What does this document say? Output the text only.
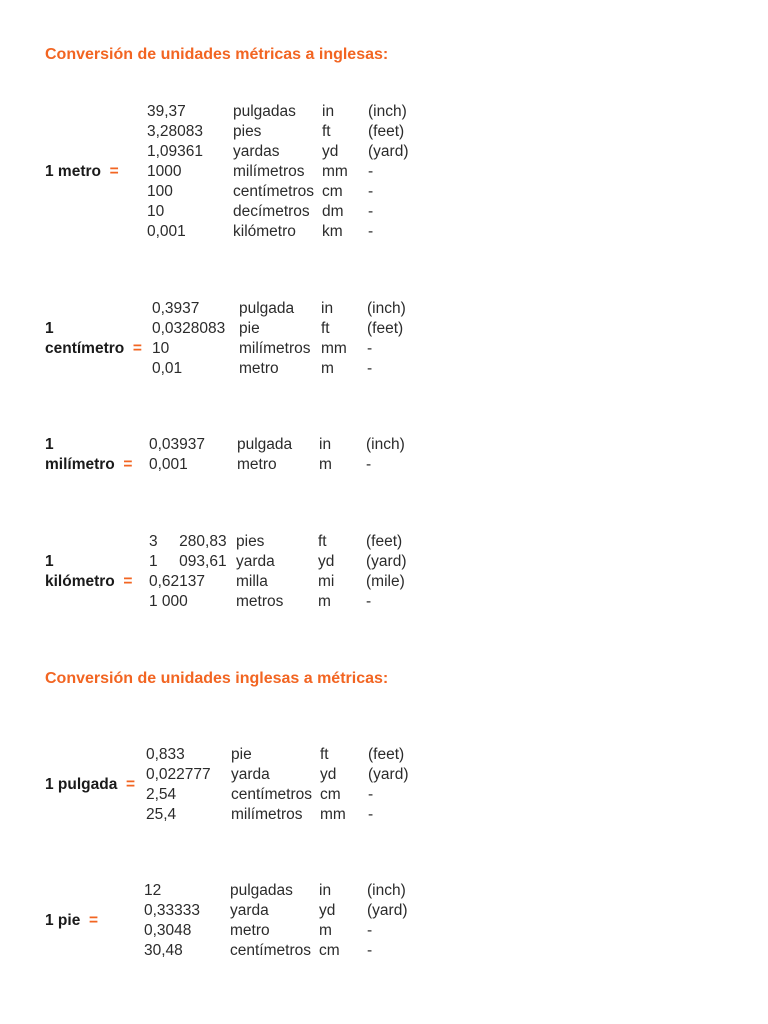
Conversión de unidades métricas a inglesas:
1 metro =
39,37	pulgadas in (inch)
3,28083 pies	ft (feet)
1,09361 yardas	yd (yard)
1000	milímetros mm -
100	centímetros cm -
10	decímetros dm -
0,001	kilómetro km -
1
centímetro =
0,3937	pulgada in (inch)
0,0328083 pie	ft (feet)
10	milímetros mm -
0,01	metro	m -
1
milímetro =
0,03937 pulgada in (inch)
0,001	metro	m -
1
kilómetro =
3     280,83 pies	ft	(feet)
1     093,61 yarda	yd (yard)
0,62137 milla	mi (mile)
1 000	metros m -
Conversión de unidades inglesas a métricas:
1 pulgada =
0,833	pie	ft	(feet)
0,022777 yarda	yd (yard)
2,54	centímetros cm -
25,4	milímetros mm -
1 pie =
12	pulgadas in (inch)
0,33333 yarda	yd (yard)
0,3048 metro	m -
30,48	centímetros cm -
